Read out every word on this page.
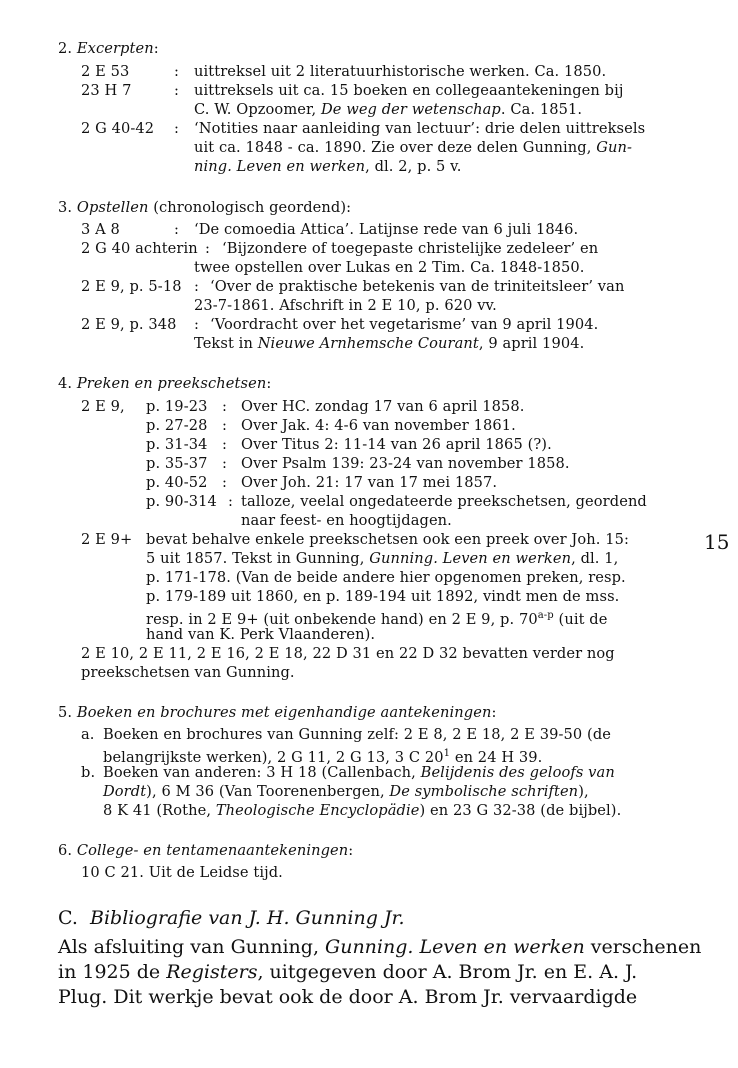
15
2. Excerpten:
2 E 53	: uittreksel uit 2 literatuurhistorische werken. Ca. 1850.
23 H 7	: uittreksels uit ca. 15 boeken en collegeaantekeningen bij
C. W. Opzoomer, De weg der wetenschap. Ca. 1851.
2 G 40-42 : ‘Notities naar aanleiding van lectuur’: drie delen uittreksels
uit ca. 1848 - ca. 1890. Zie over deze delen Gunning, Gun-
ning. Leven en werken, dl. 2, p. 5 v.
3. Opstellen (chronologisch geordend):
3 A 8	: ‘De comoedia Attica’. Latijnse rede van 6 juli 1846.
2 G 40 achterin : ‘Bijzondere of toegepaste christelijke zedeleer’ en
twee opstellen over Lukas en 2 Tim. Ca. 1848-1850.
2 E 9, p. 5-18 : ‘Over de praktische betekenis van de triniteitsleer’ van
23-7-1861. Afschrift in 2 E 10, p. 620 vv.
2 E 9, p. 348 : ‘Voordracht over het vegetarisme’ van 9 april 1904.
Tekst in Nieuwe Arnhemsche Courant, 9 april 1904.
4. Preken en preekschetsen:
2 E 9, p. 19-23 : Over HC. zondag 17 van 6 april 1858.
p. 27-28 : Over Jak. 4: 4-6 van november 1861.
p. 31-34 : Over Titus 2: 11-14 van 26 april 1865 (?).
p. 35-37 : Over Psalm 139: 23-24 van november 1858.
p. 40-52 : Over Joh. 21: 17 van 17 mei 1857.
p. 90-314 : talloze, veelal ongedateerde preekschetsen, geordend
naar feest- en hoogtijdagen.
2 E 9+ bevat behalve enkele preekschetsen ook een preek over Joh. 15:
5 uit 1857. Tekst in Gunning, Gunning. Leven en werken, dl. 1,
p. 171-178. (Van de beide andere hier opgenomen preken, resp.
p. 179-189 uit 1860, en p. 189-194 uit 1892, vindt men de mss.
resp. in 2 E 9+ (uit onbekende hand) en 2 E 9, p. 70$^{a-p}$ (uit de
hand van K. Perk Vlaanderen).
2 E 10, 2 E 11, 2 E 16, 2 E 18, 22 D 31 en 22 D 32 bevatten verder nog
preekschetsen van Gunning.
5. Boeken en brochures met eigenhandige aantekeningen:
a. Boeken en brochures van Gunning zelf: 2 E 8, 2 E 18, 2 E 39-50 (de
belangrijkste werken), 2 G 11, 2 G 13, 3 C $20^1$ en 24 H 39.
b. Boeken van anderen: 3 H 18 (Callenbach, Belijdenis des geloofs van
Dordt), 6 M 36 (Van Toorenenbergen, De symbolische schriften),
8 K 41 (Rothe, Theologische Encyclopädie) en 23 G 32-38 (de bijbel).
6. College- en tentamenaantekeningen:
10 C 21. Uit de Leidse tijd.
C. Bibliografie van J. H. Gunning Jr.
Als afsluiting van Gunning, Gunning. Leven en werken verschenen
in 1925 de Registers, uitgegeven door A. Brom Jr. en E. A. J.
Plug. Dit werkje bevat ook de door A. Brom Jr. vervaardigde
